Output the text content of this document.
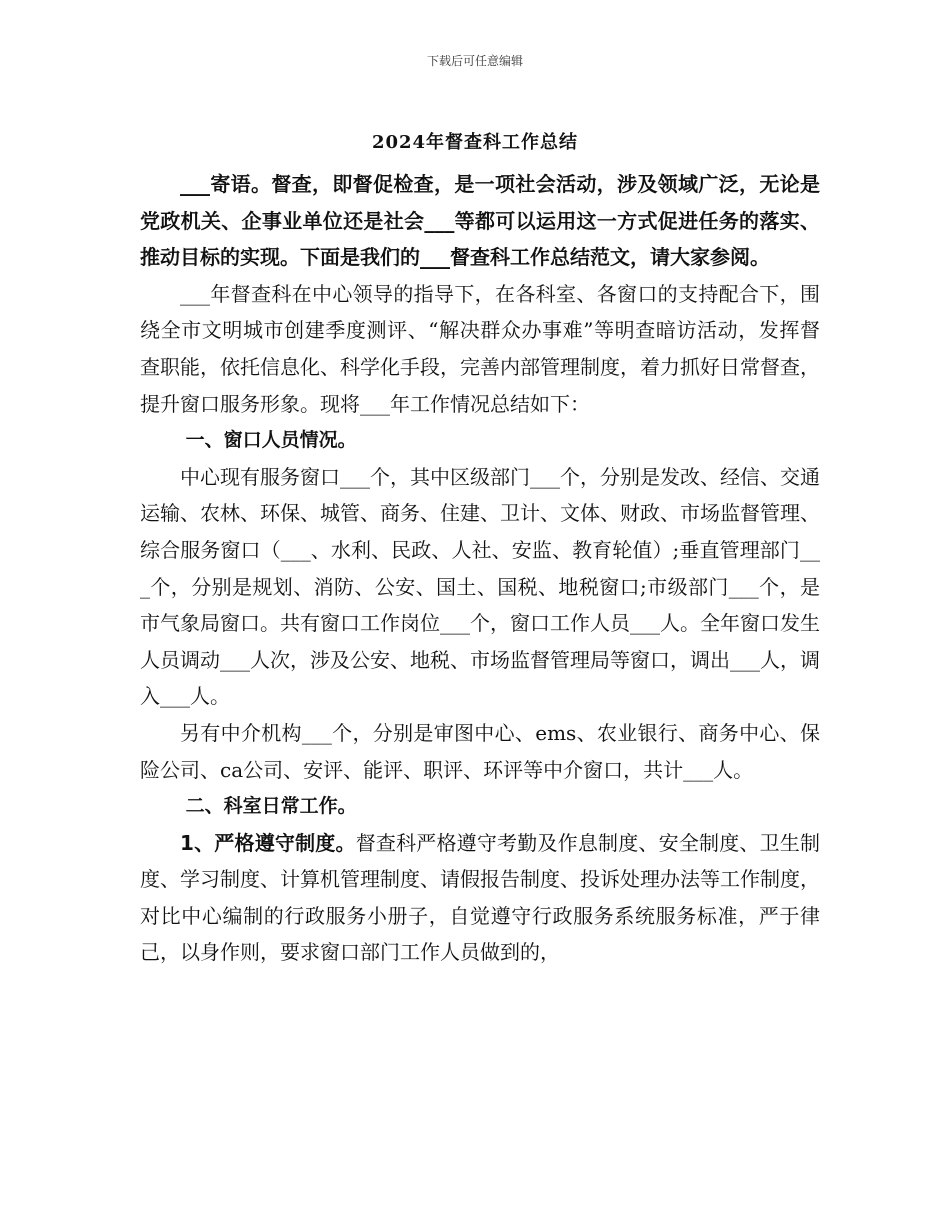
下载后可任意编辑
2024年督查科工作总结

___寄语。督查，即督促检查，是一项社会活动，涉及领域广泛，无论是党政机关、企事业单位还是社会___等都可以运用这一方式促进任务的落实、推动目标的实现。下面是我们的___督查科工作总结范文，请大家参阅。

___年督查科在中心领导的指导下，在各科室、各窗口的支持配合下，围绕全市文明城市创建季度测评、“解决群众办事难”等明查暗访活动，发挥督查职能，依托信息化、科学化手段，完善内部管理制度，着力抓好日常督查，提升窗口服务形象。现将___年工作情况总结如下：

一、窗口人员情况。

中心现有服务窗口___个，其中区级部门___个，分别是发改、经信、交通运输、农林、环保、城管、商务、住建、卫计、文体、财政、市场监督管理、综合服务窗口（___、水利、民政、人社、安监、教育轮值）;垂直管理部门___个，分别是规划、消防、公安、国土、国税、地税窗口;市级部门___个，是市气象局窗口。共有窗口工作岗位___个，窗口工作人员___人。全年窗口发生人员调动___人次，涉及公安、地税、市场监督管理局等窗口，调出___人，调入___人。

另有中介机构___个，分别是审图中心、ems、农业银行、商务中心、保险公司、ca公司、安评、能评、职评、环评等中介窗口，共计___人。

二、科室日常工作。

1、严格遵守制度。督查科严格遵守考勤及作息制度、安全制度、卫生制度、学习制度、计算机管理制度、请假报告制度、投诉处理办法等工作制度，对比中心编制的行政服务小册子，自觉遵守行政服务系统服务标准，严于律己，以身作则，要求窗口部门工作人员做到的，
